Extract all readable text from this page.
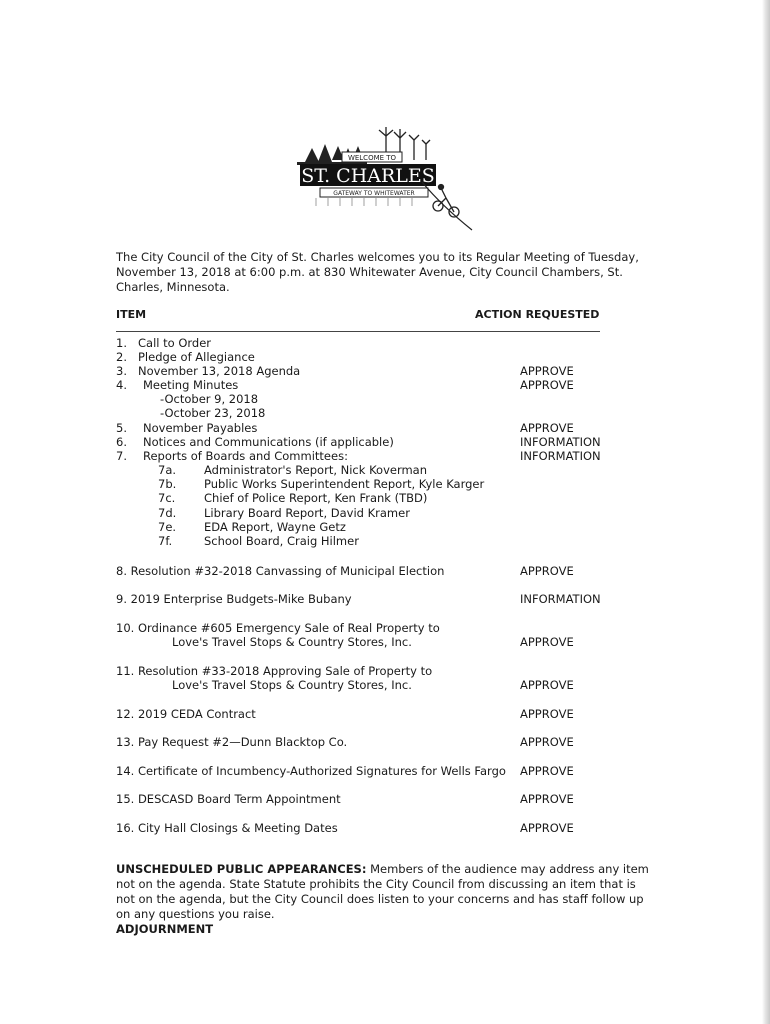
WELCOME TO
ST. CHARLES
GATEWAY TO WHITEWATER
The City Council of the City of St. Charles welcomes you to its Regular Meeting of Tuesday, November 13, 2018 at 6:00 p.m. at 830 Whitewater Avenue, City Council Chambers, St. Charles, Minnesota.
ITEM	ACTION REQUESTED
1. Call to Order
2. Pledge of Allegiance
3. November 13, 2018 Agenda	APPROVE
4. Meeting Minutes	APPROVE
-October 9, 2018
-October 23, 2018
5. November Payables	APPROVE
6. Notices and Communications (if applicable)	INFORMATION
7. Reports of Boards and Committees:	INFORMATION
7a. Administrator's Report, Nick Koverman
7b. Public Works Superintendent Report, Kyle Karger
7c. Chief of Police Report, Ken Frank (TBD)
7d. Library Board Report, David Kramer
7e. EDA Report, Wayne Getz
7f.	School Board, Craig Hilmer
8. Resolution #32-2018 Canvassing of Municipal Election	APPROVE
9. 2019 Enterprise Budgets-Mike Bubany	INFORMATION
10. Ordinance #605 Emergency Sale of Real Property to
Love's Travel Stops & Country Stores, Inc.	APPROVE
11. Resolution #33-2018 Approving Sale of Property to
Love's Travel Stops & Country Stores, Inc.	APPROVE
12. 2019 CEDA Contract	APPROVE
13. Pay Request #2—Dunn Blacktop Co.	APPROVE
14. Certificate of Incumbency-Authorized Signatures for Wells Fargo APPROVE
15. DESCASD Board Term Appointment	APPROVE
16. City Hall Closings & Meeting Dates	APPROVE
UNSCHEDULED PUBLIC APPEARANCES: Members of the audience may address any item not on the agenda. State Statute prohibits the City Council from discussing an item that is not on the agenda, but the City Council does listen to your concerns and has staff follow up on any questions you raise.
ADJOURNMENT
